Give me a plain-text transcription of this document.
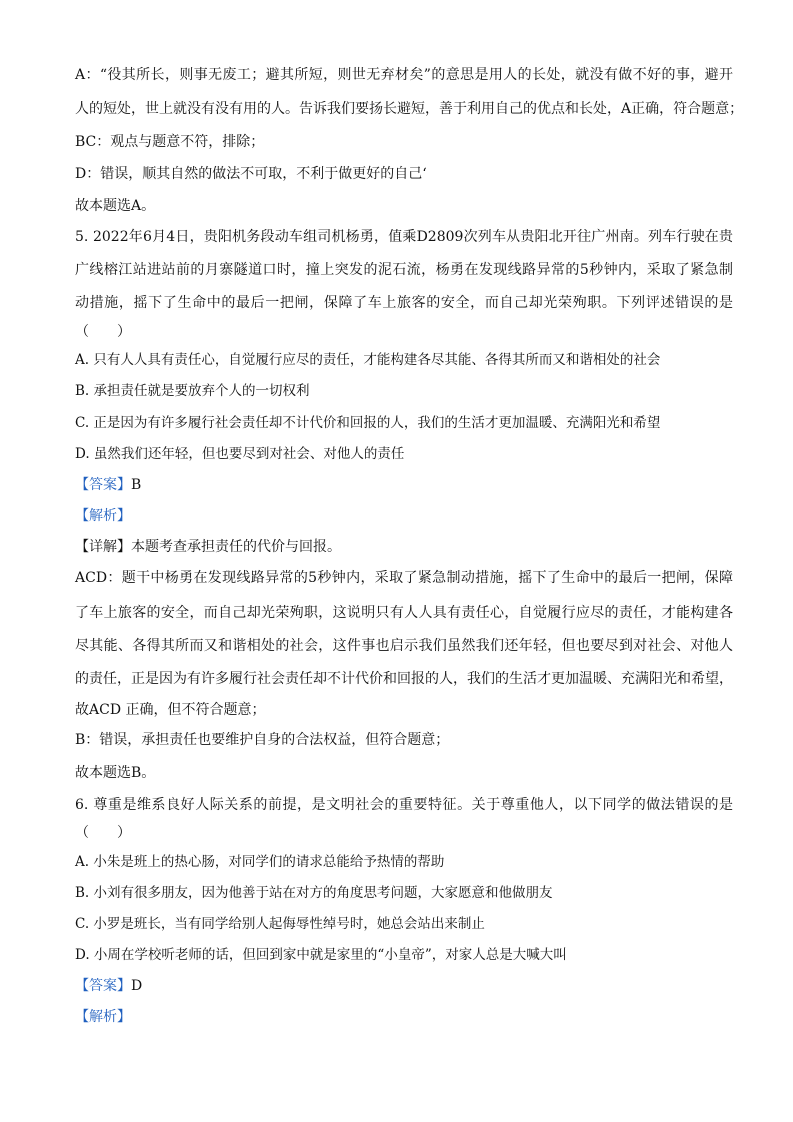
A：“役其所长，则事无废工；避其所短，则世无弃材矣”的意思是用人的长处，就没有做不好的事，避开
人的短处，世上就没有没有用的人。告诉我们要扬长避短，善于利用自己的优点和长处，A正确，符合题意；
BC：观点与题意不符，排除；
D：错误，顺其自然的做法不可取，不利于做更好的自己‘
故本题选A。
5. 2022年6月4日，贵阳机务段动车组司机杨勇，值乘D2809次列车从贵阳北开往广州南。列车行驶在贵
广线榕江站进站前的月寨隧道口时，撞上突发的泥石流，杨勇在发现线路异常的5秒钟内，采取了紧急制
动措施，摇下了生命中的最后一把闸，保障了车上旅客的安全，而自己却光荣殉职。下列评述错误的是
（　　）
A. 只有人人具有责任心，自觉履行应尽的责任，才能构建各尽其能、各得其所而又和谐相处的社会
B. 承担责任就是要放弃个人的一切权利
C. 正是因为有许多履行社会责任却不计代价和回报的人，我们的生活才更加温暖、充满阳光和希望
D. 虽然我们还年轻，但也要尽到对社会、对他人的责任
【答案】B
【解析】
【详解】本题考查承担责任的代价与回报。
ACD：题干中杨勇在发现线路异常的5秒钟内，采取了紧急制动措施，摇下了生命中的最后一把闸，保障
了车上旅客的安全，而自己却光荣殉职，这说明只有人人具有责任心，自觉履行应尽的责任，才能构建各
尽其能、各得其所而又和谐相处的社会，这件事也启示我们虽然我们还年轻，但也要尽到对社会、对他人
的责任，正是因为有许多履行社会责任却不计代价和回报的人，我们的生活才更加温暖、充满阳光和希望，
故ACD 正确，但不符合题意；
B：错误，承担责任也要维护自身的合法权益，但符合题意；
故本题选B。
6. 尊重是维系良好人际关系的前提，是文明社会的重要特征。关于尊重他人，以下同学的做法错误的是
（　　）
A. 小朱是班上的热心肠，对同学们的请求总能给予热情的帮助
B. 小刘有很多朋友，因为他善于站在对方的角度思考问题，大家愿意和他做朋友
C. 小罗是班长，当有同学给别人起侮辱性绰号时，她总会站出来制止
D. 小周在学校听老师的话，但回到家中就是家里的“小皇帝”，对家人总是大喊大叫
【答案】D
【解析】
